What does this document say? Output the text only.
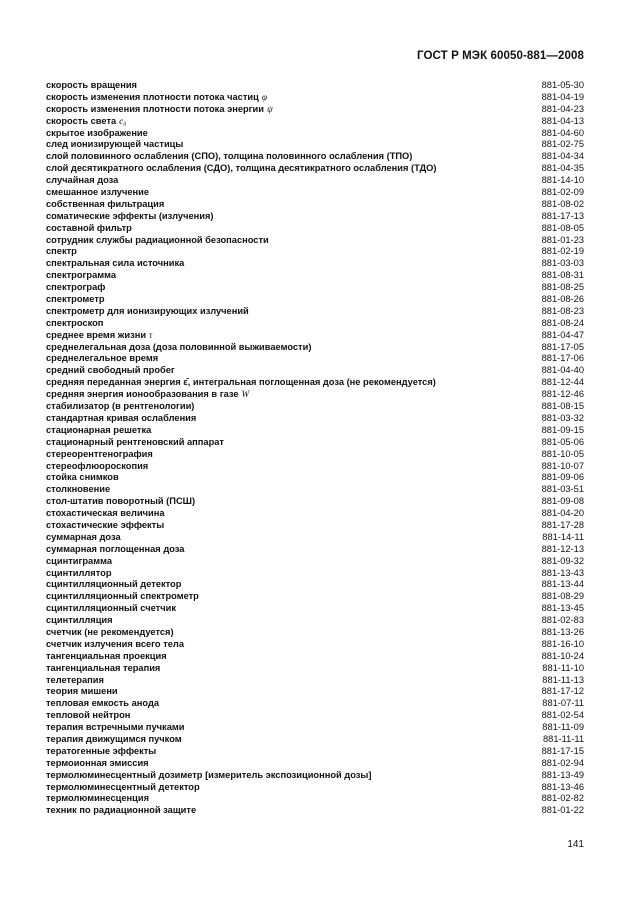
ГОСТ Р МЭК 60050-881—2008
скорость вращения	881-05-30
скорость изменения плотности потока частиц φ	881-04-19
скорость изменения плотности потока энергии ψ	881-04-23
скорость света c₀	881-04-13
скрытое изображение	881-04-60
след ионизирующей частицы	881-02-75
слой половинного ослабления (СПО), толщина половинного ослабления (ТПО)	881-04-34
слой десятикратного ослабления (СДО), толщина десятикратного ослабления (ТДО)	881-04-35
случайная доза	881-14-10
смешанное излучение	881-02-09
собственная фильтрация	881-08-02
соматические эффекты (излучения)	881-17-13
составной фильтр	881-08-05
сотрудник службы радиационной безопасности	881-01-23
спектр	881-02-19
спектральная сила источника	881-03-03
спектрограмма	881-08-31
спектрограф	881-08-25
спектрометр	881-08-26
спектрометр для ионизирующих излучений	881-08-23
спектроскоп	881-08-24
среднее время жизни τ	881-04-47
среднелегальная доза (доза половинной выживаемости)	881-17-05
среднелегальное время	881-17-06
средний свободный пробег	881-04-40
средняя переданная энергия ε̄, интегральная поглощенная доза (не рекомендуется)	881-12-44
средняя энергия ионообразования в газе W	881-12-46
стабилизатор (в рентгенологии)	881-08-15
стандартная кривая ослабления	881-03-32
стационарная решетка	881-09-15
стационарный рентгеновский аппарат	881-05-06
стереорентгенография	881-10-05
стереофлюороскопия	881-10-07
стойка снимков	881-09-06
столкновение	881-03-51
стол-штатив поворотный (ПСШ)	881-09-08
стохастическая величина	881-04-20
стохастические эффекты	881-17-28
суммарная доза	881-14-11
суммарная поглощенная доза	881-12-13
сцинтиграмма	881-09-32
сцинтиллятор	881-13-43
сцинтилляционный детектор	881-13-44
сцинтилляционный спектрометр	881-08-29
сцинтилляционный счетчик	881-13-45
сцинтилляция	881-02-83
счетчик (не рекомендуется)	881-13-26
счетчик излучения всего тела	881-16-10
тангенциальная проекция	881-10-24
тангенциальная терапия	881-11-10
телетерапия	881-11-13
теория мишени	881-17-12
тепловая емкость анода	881-07-11
тепловой нейтрон	881-02-54
терапия встречными пучками	881-11-09
терапия движущимся пучком	881-11-11
тератогенные эффекты	881-17-15
термоионная эмиссия	881-02-94
термолюминесцентный дозиметр [измеритель экспозиционной дозы]	881-13-49
термолюминесцентный детектор	881-13-46
термолюминесценция	881-02-82
техник по радиационной защите	881-01-22
141
